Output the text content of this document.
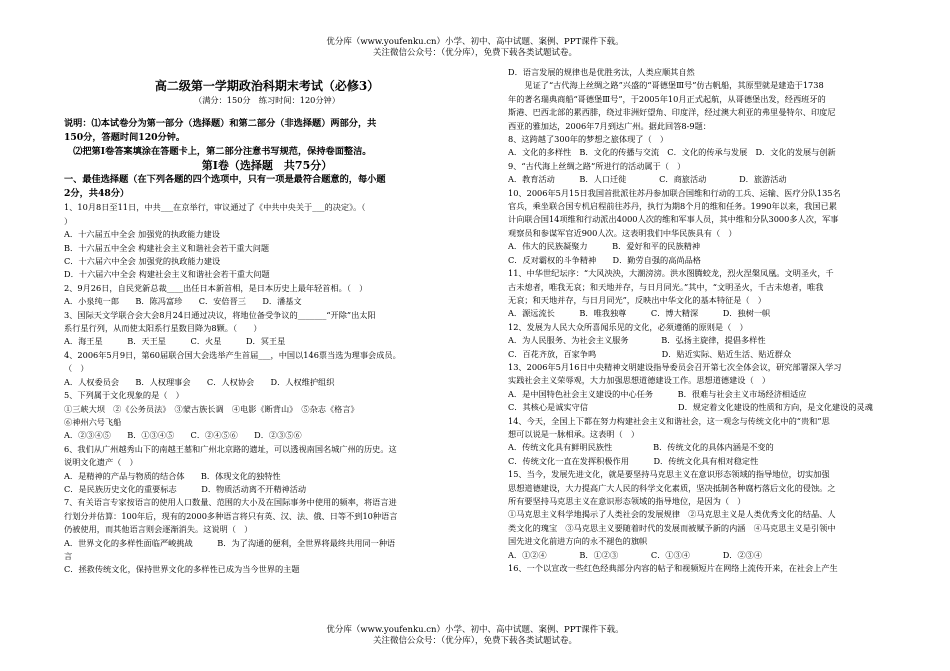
优分库（www.youfenku.cn）小学、初中、高中试题、案例、PPT课件下载。
关注微信公众号：（优分库），免费下载各类试题试卷。
高二级第一学期政治科期末考试（必修3）
（满分：150分　练习时间：120分钟）
说明：⑴本试卷分为第一部分（选择题）和第二部分（非选择题）两部分，共
150分，答题时间120分钟。
　⑵把第Ⅰ卷答案填涂在答题卡上，第二部分注意书写规范，保持卷面整洁。
第Ⅰ卷（选择题　共75分）
一、最佳选择题（在下列各题的四个选项中，只有一项是最符合题意的，每小题
2分，共48分）
1、10月8日至11日，中共___在京举行，审议通过了《中共中央关于___的决定》。（
）
A．十六届五中全会 加强党的执政能力建设
B．十六届五中全会 构建社会主义和谐社会若干重大问题
C．十六届六中全会 加强党的执政能力建设
D．十六届六中全会 构建社会主义和谐社会若干重大问题
2、9月26日，自民党新总裁____出任日本新首相，是日本历史上最年轻首相。（　）
A．小泉纯一郎　　B．陈冯富珍　　C．安倍晋三　　D．潘基文
3、国际天文学联合会大会8月24日通过决议，将地位备受争议的_______“开除”出太阳
系行星行列，从而使太阳系行星数目降为8颗。（　　）
A．海王星　　　B．天王星　　　C．火星　　　D．冥王星
4、2006年5月9日，第60届联合国大会选举产生首届___，中国以146票当选为理事会成员。
（　）
A．人权委员会　　B．人权理事会　　C．人权协会　　D．人权维护组织
5、下列属于文化现象的是（　）
①三峡大坝　②《公务员法》　③蒙古族长调　④电影《断背山》　⑤杂志《格言》
⑥神州六号飞船
A．②③④⑤　　B．①③④⑤　　C．②④⑤⑥　　D．②③⑤⑥
6、我们从广州越秀山下的南越王墓和广州北京路的遗址，可以透视南国名城广州的历史。这
说明文化遗产（　）
A．是精神的产品与物质的结合体　　B．体现文化的独特性
C．是民族历史文化的重要标志　　　D．物质活动离不开精神活动
7、有关语言专家按语言的使用人口数量、范围的大小及在国际事务中使用的频率，将语言进
行划分并估算：100年后，现有的2000多种语言将只有英、汉、法、俄、日等不到10种语言
仍被使用，而其他语言则会逐渐消失。这说明（　）
A．世界文化的多样性面临严峻挑战　　　B．为了沟通的便利，全世界将最终共用同一种语
言
C．拯救传统文化，保持世界文化的多样性已成为当今世界的主题
D．语言发展的规律也是优胜劣汰，人类应顺其自然
　　见证了“古代海上丝绸之路”兴盛的“哥德堡Ⅲ号”仿古帆船，其原型就是建造于1738
年的著名瑞典商船“哥德堡Ⅲ号”，于2005年10月正式起航，从哥德堡出发，经西班牙的
斯港、巴西北部的累西腓，绕过非洲好望角、印度洋，经过澳大利亚的弗里曼特尔、印度尼
西亚的雅加达，2006年7月到达广州。据此回答8-9题：
8、这跨越了300年的梦想之旅体现了（　）
A．文化的多样性　B．文化的传播与交流　C．文化的传承与发展　D．文化的发展与创新
9、“古代海上丝绸之路”所进行的活动属于（　）
A．教育活动　　　B．人口迁徙　　　　C．商旅活动　　　　D．旅游活动
10、2006年5月15日我国首批派往苏丹参加联合国维和行动的工兵、运输、医疗分队135名
官兵，乘坐联合国专机启程前往苏丹，执行为期8个月的维和任务。1990年以来，我国已累
计向联合国14项维和行动派出4000人次的维和军事人员，其中维和分队3000多人次，军事
观察员和参谋军官近900人次。这表明我们中华民族具有（　）
A．伟大的民族凝聚力　　　B．爱好和平的民族精神
C．反对霸权的斗争精神　　D．勤劳自强的高尚品格
11、中华世纪坛序：“大风泱泱，大潮滂滂。洪水图腾蛟龙，烈火涅槃凤凰。文明圣火，千
古未熄者，唯我无哀；和天地并存，与日月同光。”其中，“文明圣火，千古未熄者，唯我
无哀；和天地并存，与日月同光”，反映出中华文化的基本特征是（　）
A．源远流长　　　B．唯我独尊　　　C．博大精深　　　D．独树一帜
12、发展为人民大众所喜闻乐见的文化，必须遵循的原则是（　）
A．为人民服务、为社会主义服务　　　　B．弘扬主旋律，提倡多样性
C．百花齐放，百家争鸣　　　　　　　　D．贴近实际、贴近生活、贴近群众
13、2006年5月16日中央精神文明建设指导委员会召开第七次全体会议，研究部署深入学习
实践社会主义荣辱观，大力加强思想道德建设工作。思想道德建设（　）
A．是中国特色社会主义建设的中心任务　　　B．很难与社会主义市场经济相适应
C．其核心是诚实守信　　　　　　　　　　　D．规定着文化建设的性质和方向，是文化建设的灵魂
14、今天，全国上下都在努力构建社会主义和谐社会，这一观念与传统文化中的“贵和”思
想可以说是一脉相承。这表明（　）
A．传统文化具有鲜明民族性　　　　　B．传统文化的具体内涵是不变的
C．传统文化一直在发挥积极作用　　　D．传统文化具有相对稳定性
15、当今，发展先进文化，就是要坚持马克思主义在意识形态领域的指导地位，切实加强
思想道德建设，大力提高广大人民的科学文化素质，坚决抵制各种腐朽落后文化的侵蚀。之
所有要坚持马克思主义在意识形态领域的指导地位，是因为（　）
①马克思主义科学地揭示了人类社会的发展规律　②马克思主义是人类优秀文化的结晶、人
类文化的瑰宝　③马克思主义要随着时代的发展而被赋予新的内涵　④马克思主义是引领中
国先进文化前进方向的永不褪色的旗帜
A．①②④　　　　B．①②③　　　　C．①③④　　　　D．②③④
16、一个以宣改一些红色经典部分内容的帖子和视频短片在网络上流传开来，在社会上产生
优分库（www.youfenku.cn）小学、初中、高中试题、案例、PPT课件下载。
关注微信公众号：（优分库），免费下载各类试题试卷。
